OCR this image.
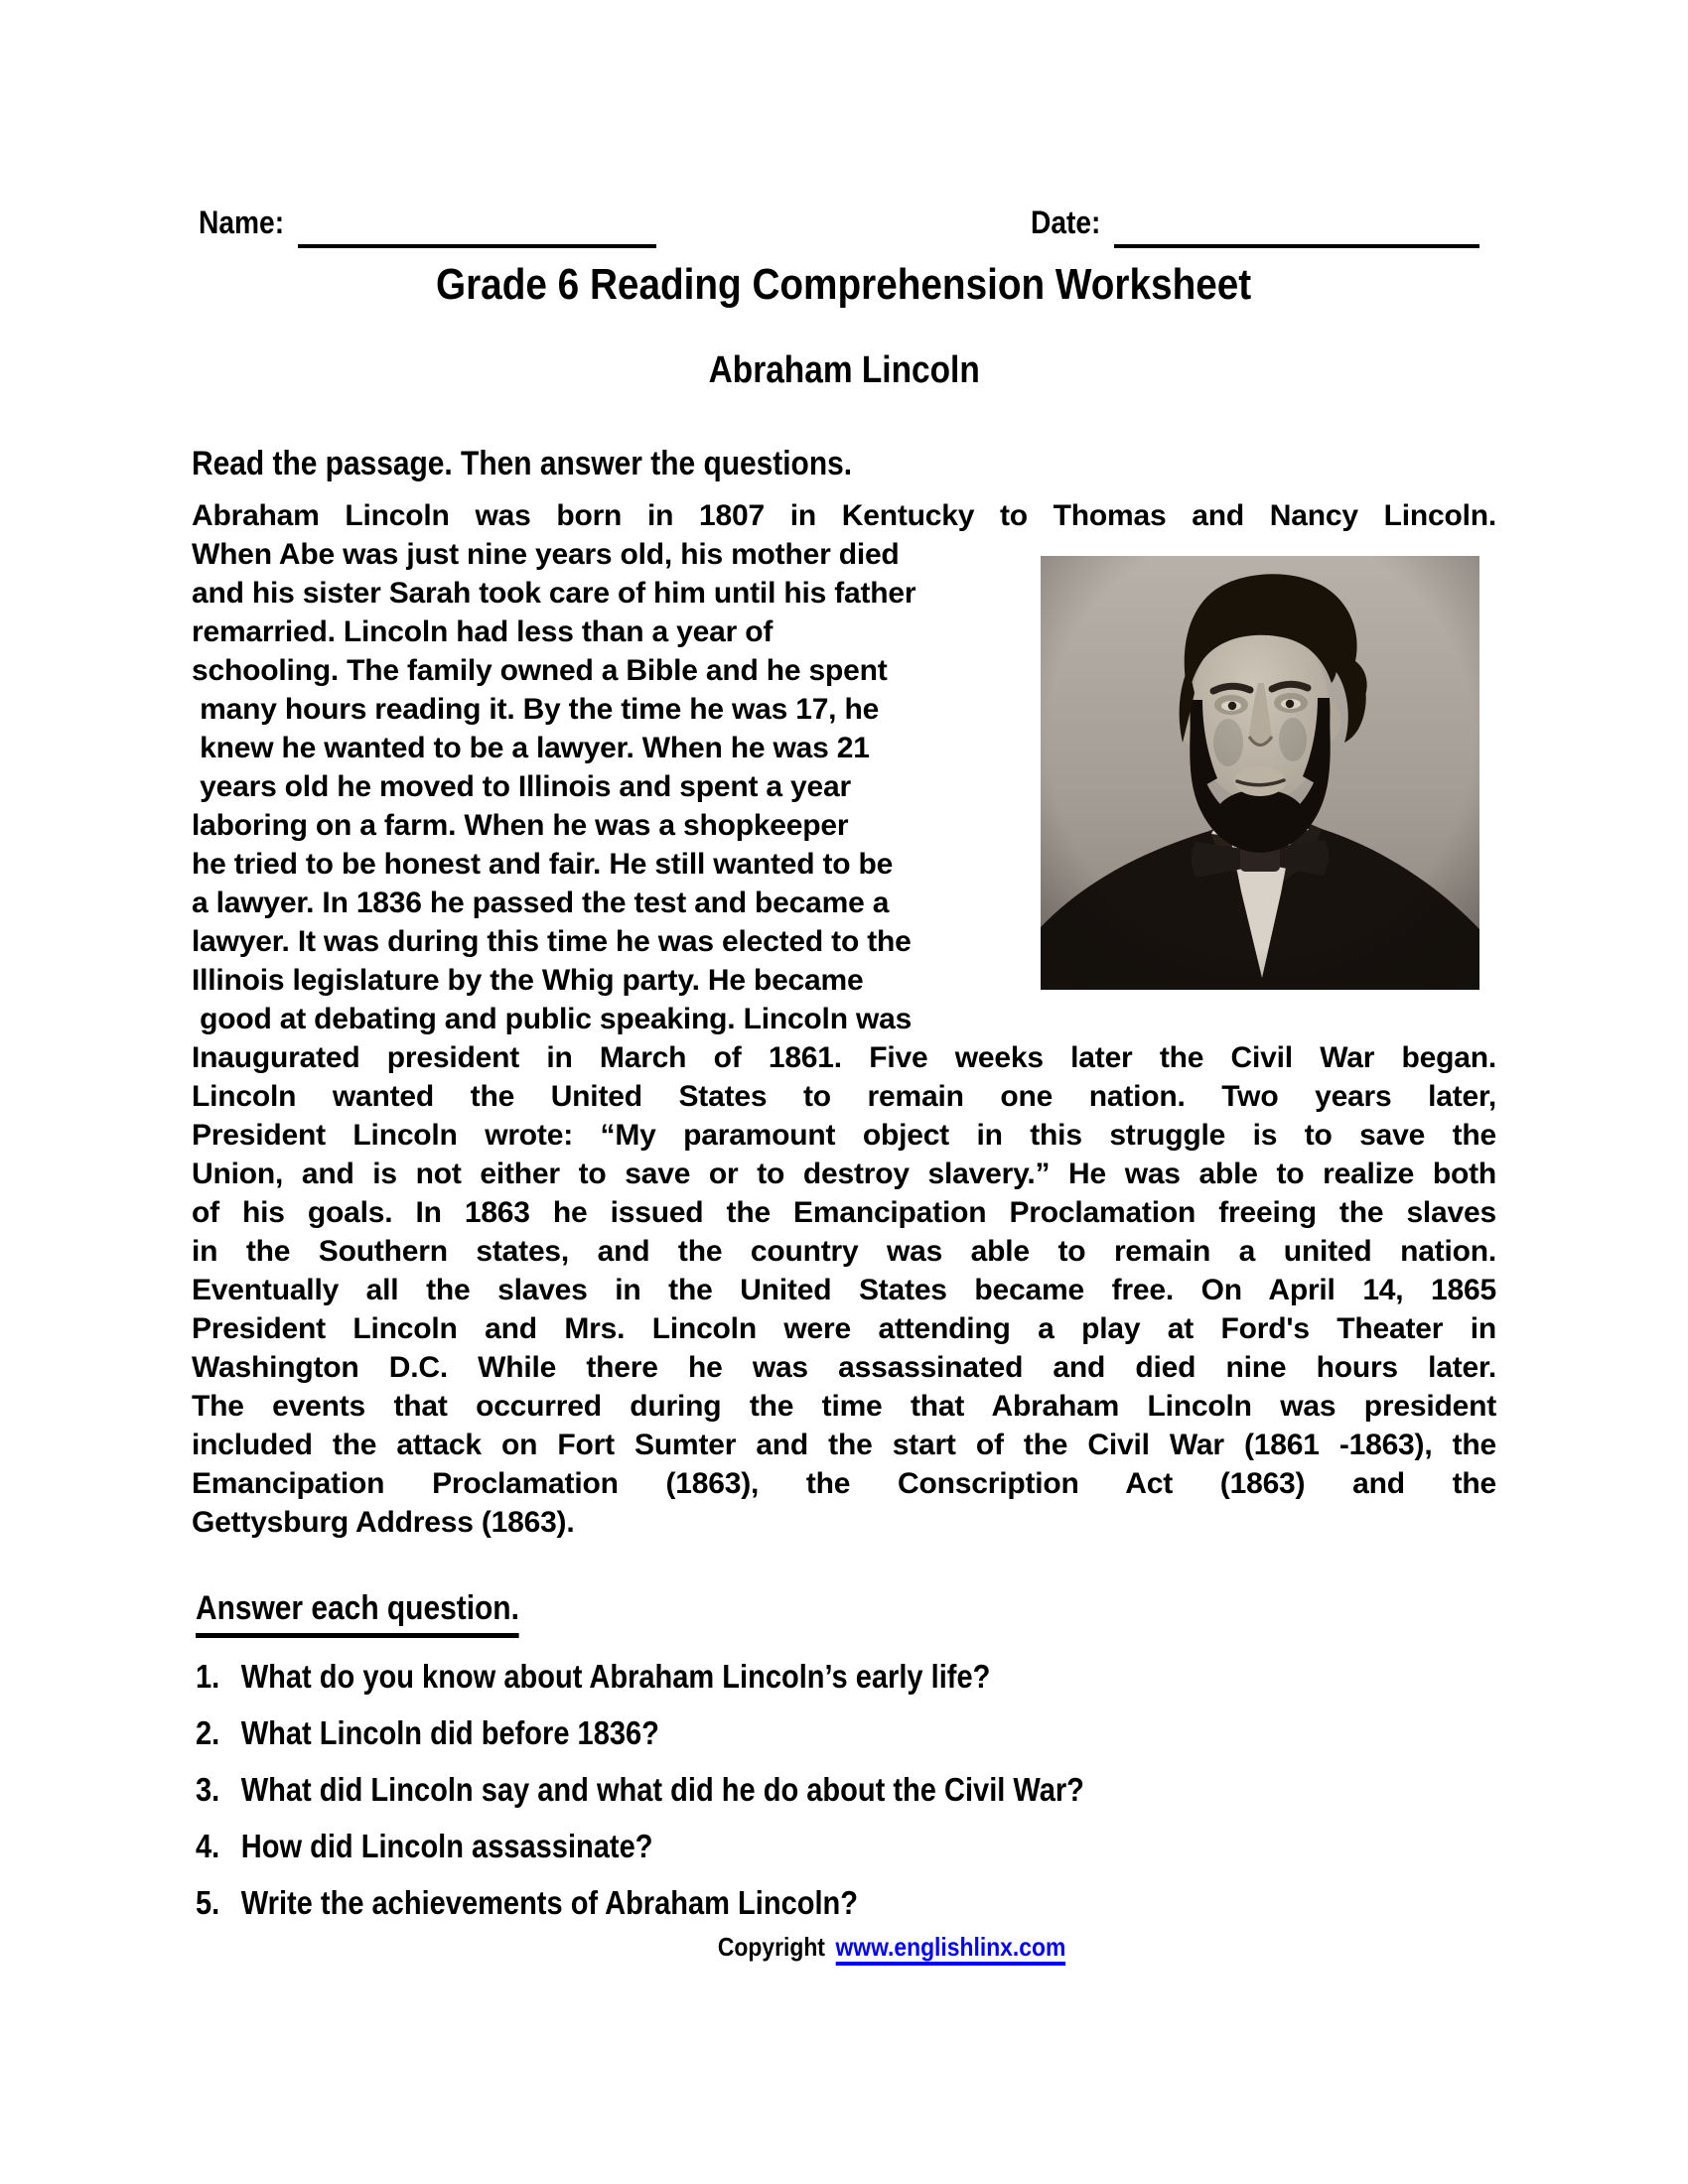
Name:	Date:
Grade 6 Reading Comprehension Worksheet
Abraham Lincoln
Read the passage. Then answer the questions.
Abraham Lincoln was born in 1807 in Kentucky to Thomas and Nancy Lincoln.
When Abe was just nine years old, his mother died
and his sister Sarah took care of him until his father
remarried. Lincoln had less than a year of
schooling. The family owned a Bible and he spent
many hours reading it. By the time he was 17, he
knew he wanted to be a lawyer. When he was 21
years old he moved to Illinois and spent a year
laboring on a farm. When he was a shopkeeper
he tried to be honest and fair. He still wanted to be
a lawyer. In 1836 he passed the test and became a
lawyer. It was during this time he was elected to the
Illinois legislature by the Whig party. He became
good at debating and public speaking. Lincoln was
Inaugurated president in March of 1861. Five weeks later the Civil War began.
Lincoln wanted the United States to remain one nation. Two years later,
President Lincoln wrote: “My paramount object in this struggle is to save the
Union, and is not either to save or to destroy slavery.” He was able to realize both
of his goals. In 1863 he issued the Emancipation Proclamation freeing the slaves
in the Southern states, and the country was able to remain a united nation.
Eventually all the slaves in the United States became free. On April 14, 1865
President Lincoln and Mrs. Lincoln were attending a play at Ford's Theater in
Washington D.C. While there he was assassinated and died nine hours later.
The events that occurred during the time that Abraham Lincoln was president
included the attack on Fort Sumter and the start of the Civil War (1861 -1863), the
Emancipation Proclamation (1863), the Conscription Act (1863) and the
Gettysburg Address (1863).
Answer each question.
1. What do you know about Abraham Lincoln’s early life?
2. What Lincoln did before 1836?
3. What did Lincoln say and what did he do about the Civil War?
4. How did Lincoln assassinate?
5. Write the achievements of Abraham Lincoln?
Copyright www.englishlinx.com
